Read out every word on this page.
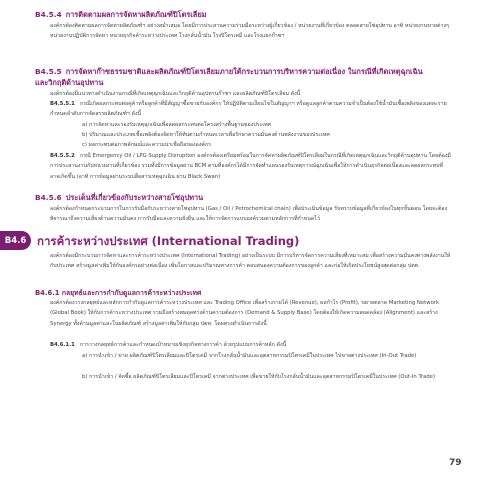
B4.5.4 การติดตามผลการจัดหาผลิตภัณฑ์ปิโตรเลียม

องค์กรต้องติดตามผลการจัดหาผลิตภัณฑ์ฯ อย่างสม่ำเสมอ โดยมีการประสานความร่วมมือระหว่างผู้เกี่ยวข้อง / หน่วยงานที่เกี่ยวข้อง ตลอดสายโซ่อุปทาน อาทิ หน่วยงานขายต่างๆ หน่วยงานปฏิบัติการจัดหา หน่วยธุรกิจค้าระหว่างประเทศ โรงกลั่นน้ำมัน โรงปิโตรเคมี และโรงแยกก๊าซฯ

B4.5.5 การจัดหาก๊าซธรรมชาติและผลิตภัณฑ์ปิโตรเลียมภายใต้กระบวนการบริหารความต่อเนื่อง ในกรณีที่เกิดเหตุฉุกเฉิน
และวิกฤติด้านอุปทาน

องค์กรต้องมีแนวทางดำเนินงานกรณีที่เกิดเหตุฉุกเฉินและวิกฤติด้านอุปทานก๊าซฯ และผลิตภัณฑ์ปิโตรเลียม ดังนี้

B4.5.5.1 กรณีเกิดผลกระทบต่อคู่ค้าหรือลูกค้าที่มีสัญญาซื้อขายกับองค์กร ให้ปฏิบัติตามเงื่อนไขในสัญญาฯ หรือดูแลลูกค้าตามความจำเป็นต้องใช้น้ำมันเชื้อเพลิงของแต่ละราย กำหนดลำดับการจัดสรรผลิตภัณฑ์ฯ ดังนี้

a) การจัดหาและรองรับเหตุฉุกเฉินเพื่อลดผลกระทบต่อโครงสร้างพื้นฐานของประเทศ

b) ปริมาณและประเภทเชื้อเพลิงต้องจัดหาให้ทันตามกำหนดเวลาเพื่อรักษาความมั่นคงด้านพลังงานของประเทศ

c) ผลกระทบต่อภาพลักษณ์และความน่าเชื่อถือขององค์กร

B4.5.5.2 กรณี Emergency Oil / LPG Supply Disruption องค์กรต้องเตรียมพร้อมในการจัดหาผลิตภัณฑ์ปิโตรเลียมในกรณีที่เกิดเหตุฉุกเฉินและวิกฤติด้านอุปทาน โดยต้องมีการประสานงานกับหน่วยงานที่เกี่ยวข้อง รวมทั้งมีการข้อมูลผ่าน BCM ตามที่องค์กรได้มีการจัดทำแผนรองรับเหตุการณ์ฉุกเฉินเพื่อให้การดำเนินธุรกิจต่อเนื่องและลดผลกระทบที่อาจเกิดขึ้น (อาทิ การข้อมูลผ่านระบบสื่อสารเหตุฉุกเฉิน ผ่าน Black Swan)

B4.5.6 ประเด็นที่เกี่ยวข้องกับระหว่างสายโซ่อุปทาน

องค์กรต้องกำหนดกระบวนการในการรับมือกับระหว่างสายโซ่อุปทาน (Gas / Oil / Petrochemical chain) เพื่อประเมินข้อมูล รับทราบข้อมูลที่เกี่ยวข้องในทุกขั้นตอน โดยจะต้องพิจารณาถึงความเสี่ยงด้านความมั่นคง การรับมือและความยั่งยืน และให้การจัดการแบบองค์รวมตามหลักการที่กำหนดไว้

B4.6 การค้าระหว่างประเทศ (International Trading)

องค์กรต้องมีกระบวนการจัดหาและการค้าระหว่างประเทศ (International Trading) อย่างเป็นระบบ มีการบริหารจัดการความเสี่ยงที่เหมาะสม เพื่อสร้างความมั่นคงทางพลังงานให้กับประเทศ สร้างมูลค่าเพิ่มให้กับองค์กรอย่างต่อเนื่อง เพิ่มโอกาสและปริมาณทางการค้า ตอบสนองความต้องการของลูกค้า และก่อให้เกิดประโยชน์สูงสุดต่อกลุ่ม ปตท.

B4.6.1 กลยุทธ์และการกำกับดูแลการค้าระหว่างประเทศ

องค์กรต้องวางกลยุทธ์และหลักการกำกับดูแลการค้าระหว่างประเทศ และ Trading Office เพื่อสร้างรายได้ (Revenue), ผลกำไร (Profit), ขยายตลาด Marketing Network (Global Book) ให้กับการค้าระหว่างประเทศ รวมถึงสร้างสมดุลทางด้านความต้องการ (Demand & Supply Base) โดยต้องให้เกิดความสอดคล้อง (Alignment) และสร้าง Synergy ทั้งด้านมูลค่าและในผลิตภัณฑ์ สร้างมูลค่าเพิ่มให้กับกลุ่ม ปตท. โดยตรงดำเนินการดังนี้

B4.6.1.1 การวางกลยุทธ์การค้าและกำหนดเป้าหมายเชิงธุรกิจทางการค้า ด้วยรูปแบบการค้าหลัก ดังนี้

a) การนำเข้า / ขาย ผลิตภัณฑ์ปิโตรเลียมและปิโตรเคมี จากโรงกลั่นน้ำมันและอุตสาหกรรมปิโตรเคมีในประเทศ ไปขายต่างประเทศ (In-Out Trade)

b) การนำเข้า / จัดซื้อ ผลิตภัณฑ์ปิโตรเลียมและปิโตรเคมี จากต่างประเทศ เพื่อขายให้กับโรงกลั่นน้ำมันและอุตสาหกรรมปิโตรเคมีในประเทศ (Out-In Trade)

79
